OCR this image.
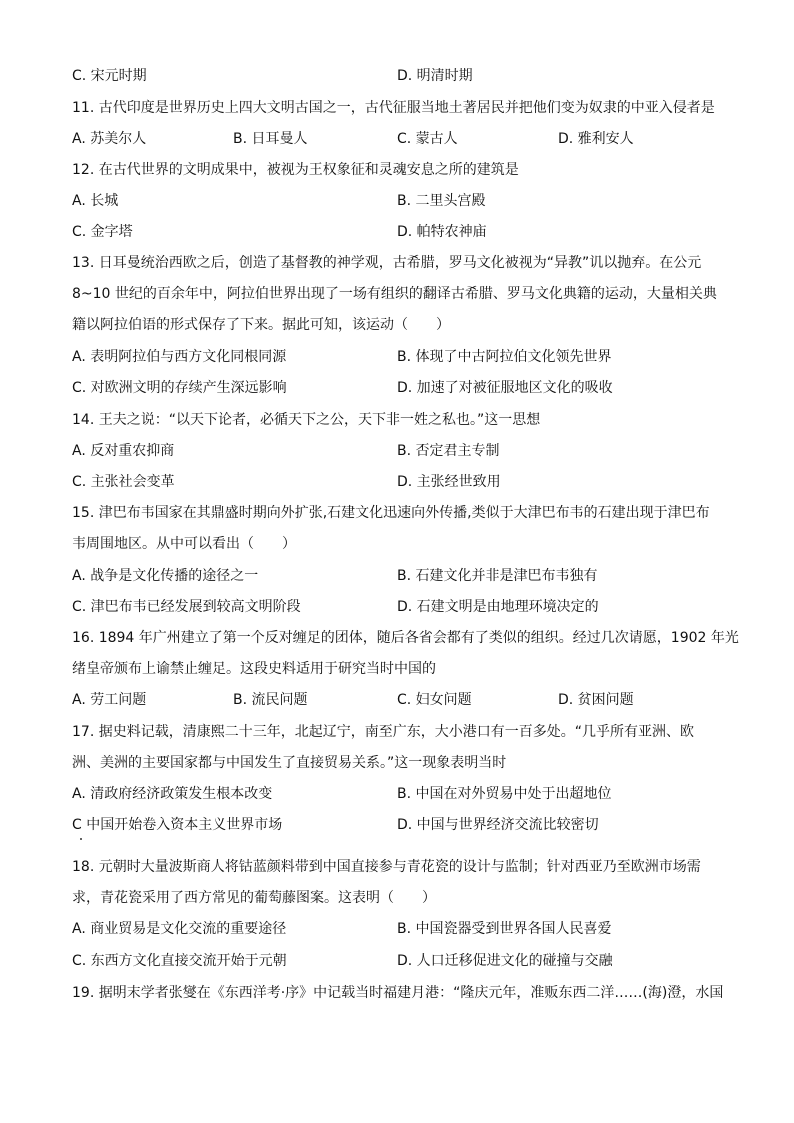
C. 宋元时期	D. 明清时期
11. 古代印度是世界历史上四大文明古国之一，古代征服当地土著居民并把他们变为奴隶的中亚入侵者是
A. 苏美尔人	B. 日耳曼人	C. 蒙古人	D. 雅利安人
12. 在古代世界的文明成果中，被视为王权象征和灵魂安息之所的建筑是
A. 长城	B. 二里头宫殿
C. 金字塔	D. 帕特农神庙
13. 日耳曼统治西欧之后，创造了基督教的神学观，古希腊，罗马文化被视为“异教”讥以抛弃。在公元
8~10 世纪的百余年中，阿拉伯世界出现了一场有组织的翻译古希腊、罗马文化典籍的运动，大量相关典
籍以阿拉伯语的形式保存了下来。据此可知，该运动（　　）
A. 表明阿拉伯与西方文化同根同源	B. 体现了中古阿拉伯文化领先世界
C. 对欧洲文明的存续产生深远影响	D. 加速了对被征服地区文化的吸收
14. 王夫之说：“以天下论者，必循天下之公，天下非一姓之私也。”这一思想
A. 反对重农抑商	B. 否定君主专制
C. 主张社会变革	D. 主张经世致用
15. 津巴布韦国家在其鼎盛时期向外扩张,石建文化迅速向外传播,类似于大津巴布韦的石建出现于津巴布
韦周围地区。从中可以看出（　　）
A. 战争是文化传播的途径之一	B. 石建文化并非是津巴布韦独有
C. 津巴布韦已经发展到较高文明阶段	D. 石建文明是由地理环境决定的
16. 1894 年广州建立了第一个反对缠足的团体，随后各省会都有了类似的组织。经过几次请愿，1902 年光
绪皇帝颁布上谕禁止缠足。这段史料适用于研究当时中国的
A. 劳工问题	B. 流民问题	C. 妇女问题	D. 贫困问题
17. 据史料记载，清康熙二十三年，北起辽宁，南至广东，大小港口有一百多处。“几乎所有亚洲、欧
洲、美洲的主要国家都与中国发生了直接贸易关系。”这一现象表明当时
A. 清政府经济政策发生根本改变	B. 中国在对外贸易中处于出超地位
C 中国开始卷入资本主义世界市场	D. 中国与世界经济交流比较密切
18. 元朝时大量波斯商人将钴蓝颜料带到中国直接参与青花瓷的设计与监制；针对西亚乃至欧洲市场需
求，青花瓷采用了西方常见的葡萄藤图案。这表明（　　）
A. 商业贸易是文化交流的重要途径	B. 中国瓷器受到世界各国人民喜爱
C. 东西方文化直接交流开始于元朝	D. 人口迁移促进文化的碰撞与交融
19. 据明末学者张燮在《东西洋考·序》中记载当时福建月港：“隆庆元年，准贩东西二洋……(海)澄，水国
